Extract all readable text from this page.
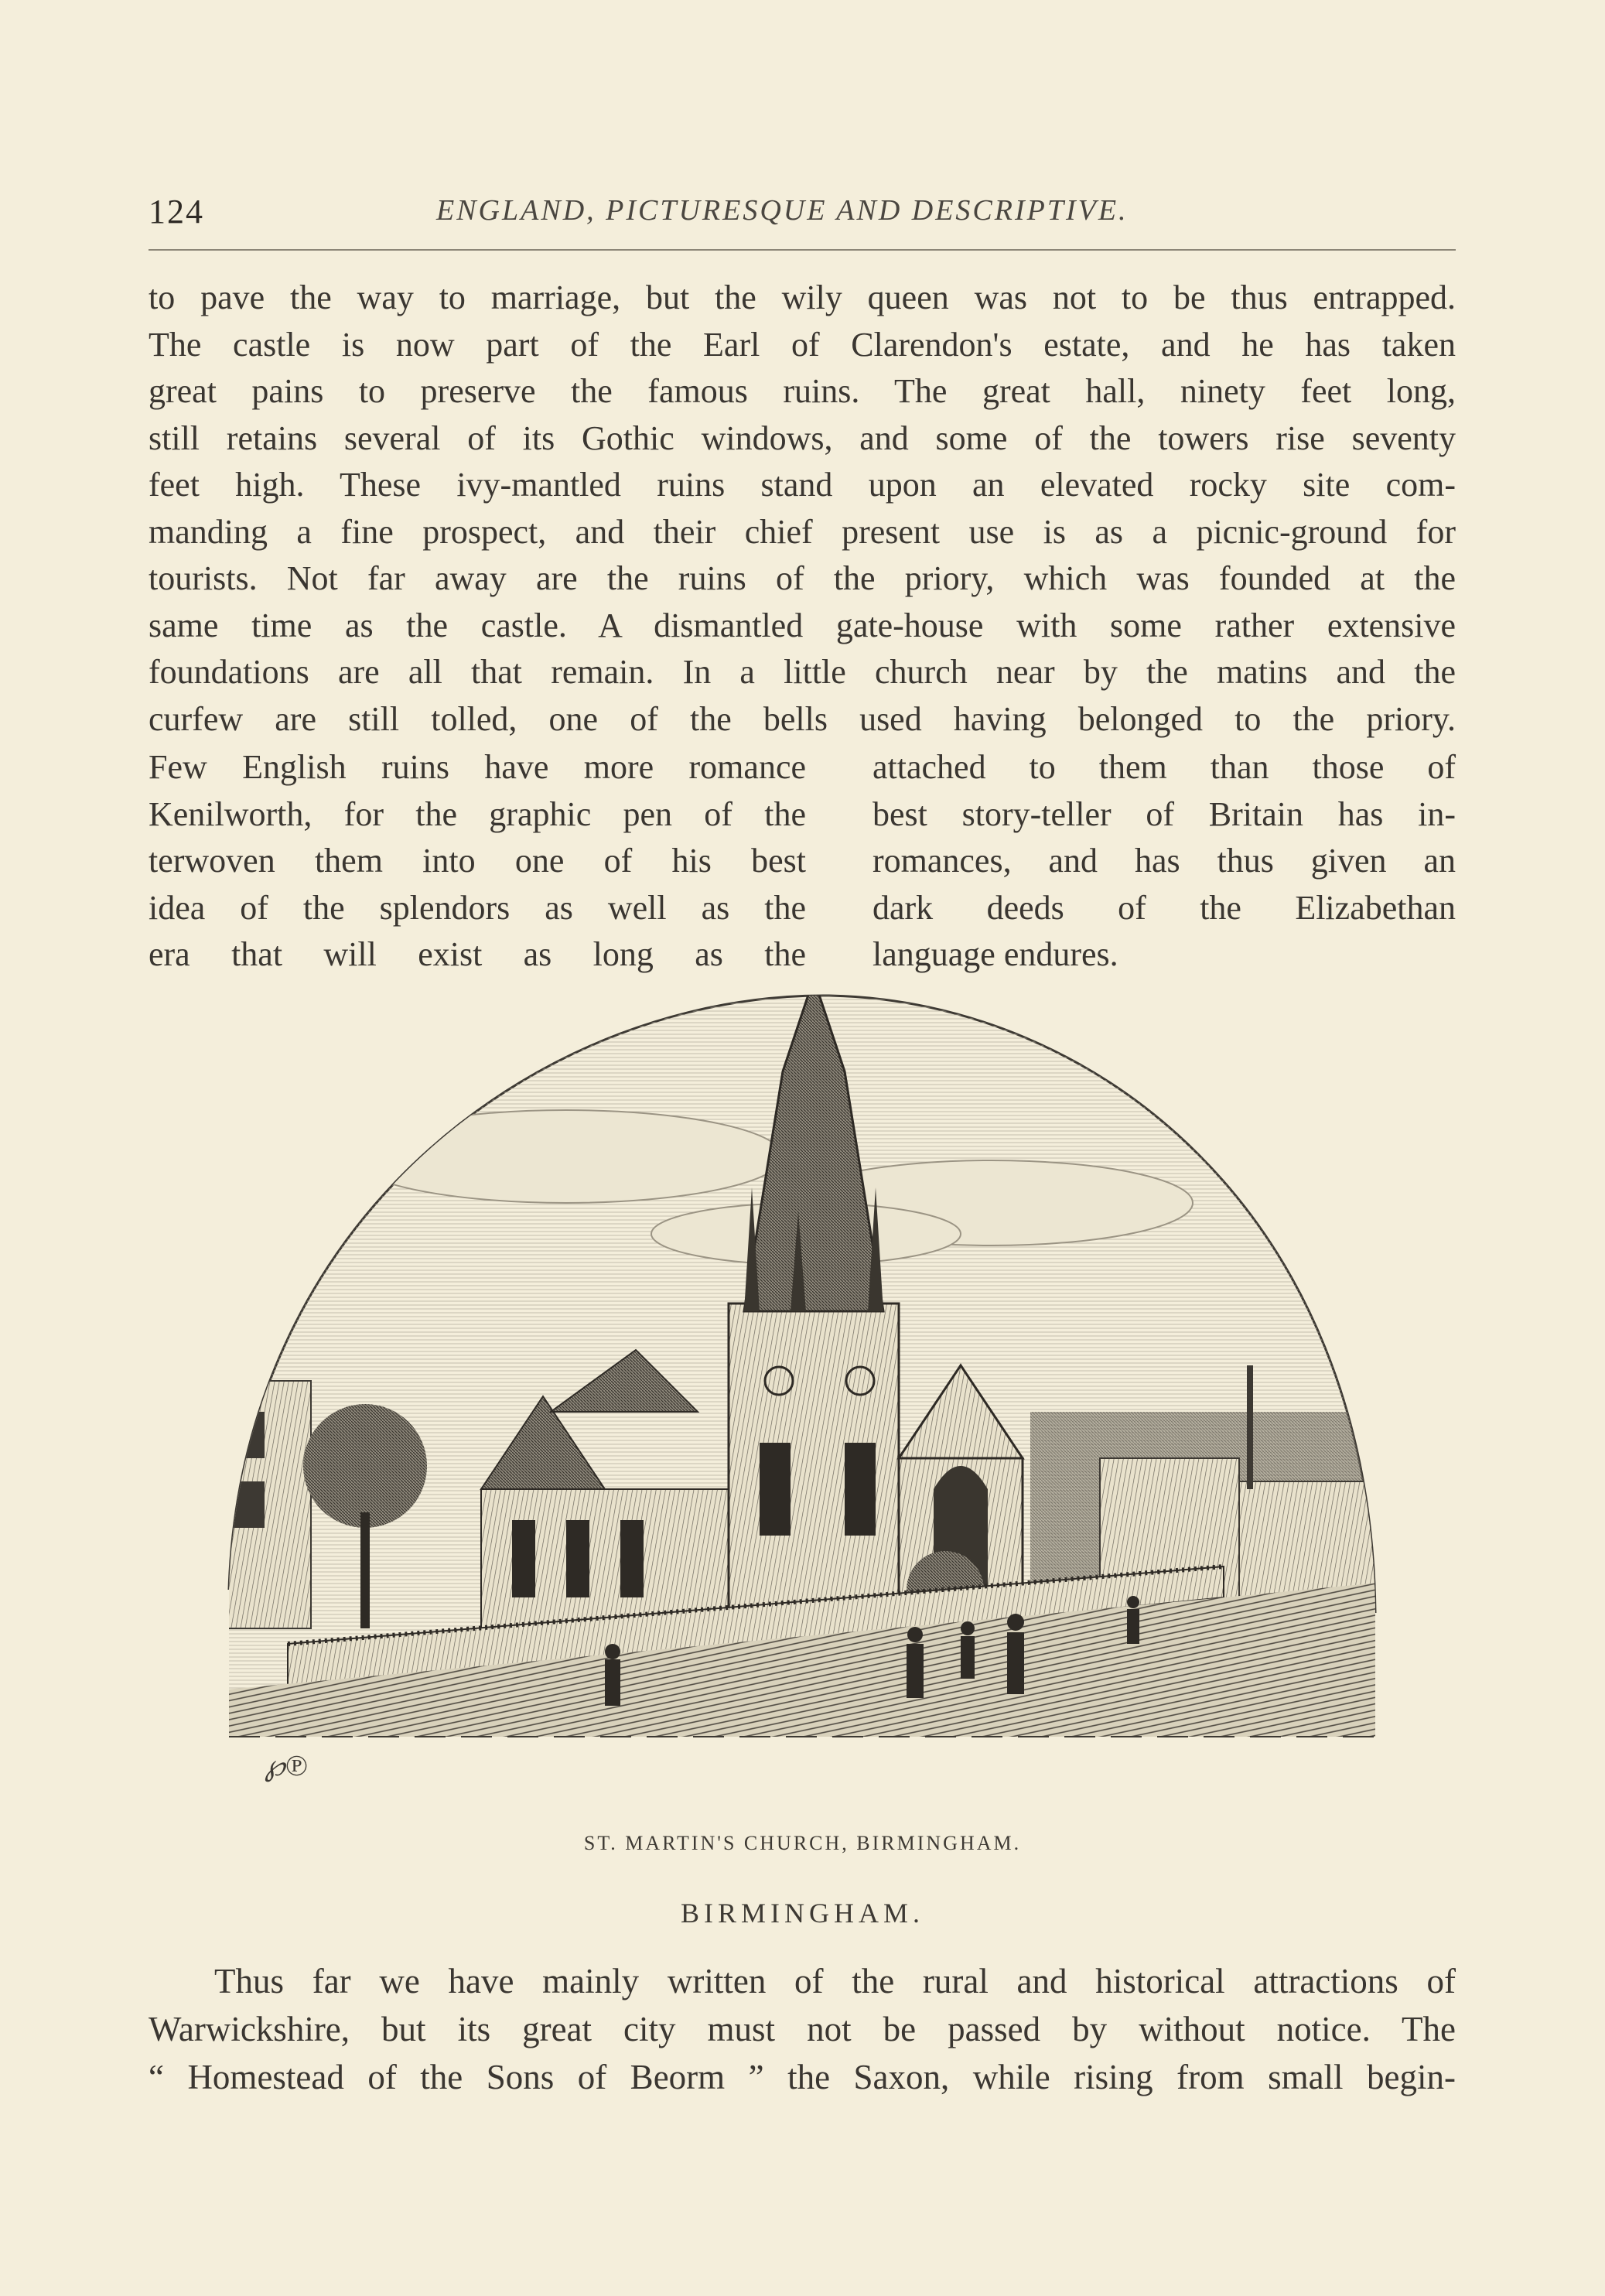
124	ENGLAND, PICTURESQUE AND DESCRIPTIVE.
to pave the way to marriage, but the wily queen was not to be thus entrapped.
The castle is now part of the Earl of Clarendon's estate, and he has taken
great pains to preserve the famous ruins. The great hall, ninety feet long,
still retains several of its Gothic windows, and some of the towers rise seventy
feet high. These ivy-mantled ruins stand upon an elevated rocky site com-
manding a fine prospect, and their chief present use is as a picnic-ground for
tourists. Not far away are the ruins of the priory, which was founded at the
same time as the castle. A dismantled gate-house with some rather extensive
foundations are all that remain. In a little church near by the matins and the
curfew are still tolled, one of the bells used having belonged to the priory.
Few English ruins have more romance
Kenilworth, for the graphic pen of the
terwoven them into one of his best
idea of the splendors as well as the
era that will exist as long as the
attached to them than those of
best story-teller of Britain has in-
romances, and has thus given an
dark deeds of the Elizabethan
language endures.
℘℗
ST. MARTIN'S CHURCH, BIRMINGHAM.
BIRMINGHAM.
Thus far we have mainly written of the rural and historical attractions of
Warwickshire, but its great city must not be passed by without notice. The
“ Homestead of the Sons of Beorm ” the Saxon, while rising from small begin-
